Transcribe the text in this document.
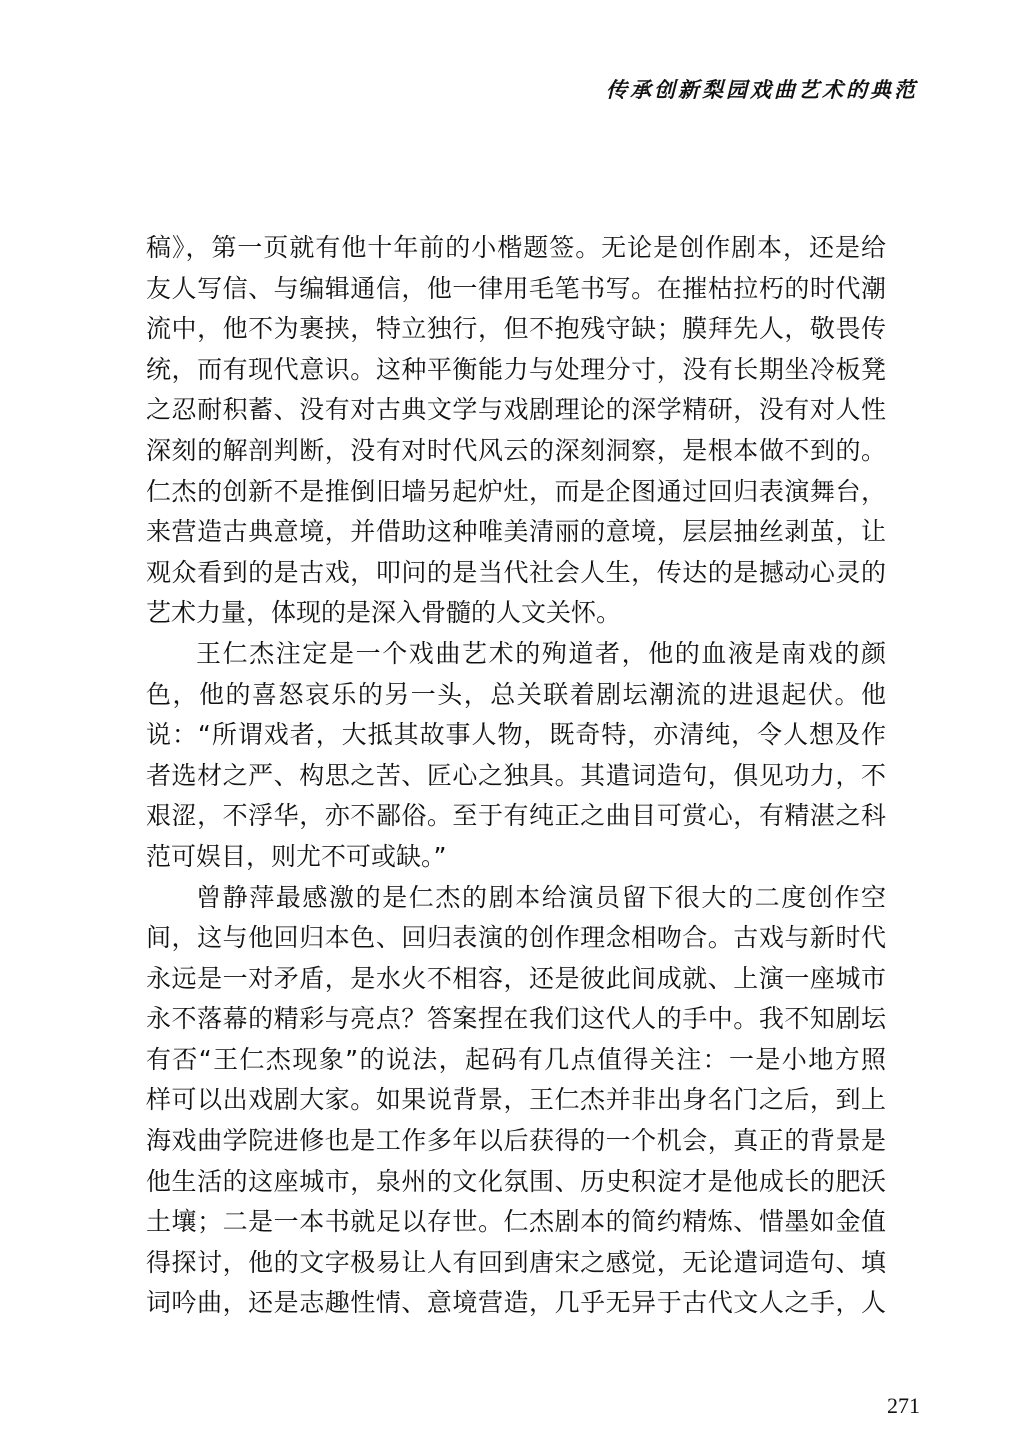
传承创新梨园戏曲艺术的典范
稿》，第一页就有他十年前的小楷题签。无论是创作剧本，还是给
友人写信、与编辑通信，他一律用毛笔书写。在摧枯拉朽的时代潮
流中，他不为裹挟，特立独行，但不抱残守缺；膜拜先人，敬畏传
统，而有现代意识。这种平衡能力与处理分寸，没有长期坐冷板凳
之忍耐积蓄、没有对古典文学与戏剧理论的深学精研，没有对人性
深刻的解剖判断，没有对时代风云的深刻洞察，是根本做不到的。
仁杰的创新不是推倒旧墙另起炉灶，而是企图通过回归表演舞台，
来营造古典意境，并借助这种唯美清丽的意境，层层抽丝剥茧，让
观众看到的是古戏，叩问的是当代社会人生，传达的是撼动心灵的
艺术力量，体现的是深入骨髓的人文关怀。
王仁杰注定是一个戏曲艺术的殉道者，他的血液是南戏的颜
色，他的喜怒哀乐的另一头，总关联着剧坛潮流的进退起伏。他
说：“所谓戏者，大抵其故事人物，既奇特，亦清纯，令人想及作
者选材之严、构思之苦、匠心之独具。其遣词造句，俱见功力，不
艰涩，不浮华，亦不鄙俗。至于有纯正之曲目可赏心，有精湛之科
范可娱目，则尤不可或缺。”
曾静萍最感激的是仁杰的剧本给演员留下很大的二度创作空
间，这与他回归本色、回归表演的创作理念相吻合。古戏与新时代
永远是一对矛盾，是水火不相容，还是彼此间成就、上演一座城市
永不落幕的精彩与亮点？答案捏在我们这代人的手中。我不知剧坛
有否“王仁杰现象”的说法，起码有几点值得关注：一是小地方照
样可以出戏剧大家。如果说背景，王仁杰并非出身名门之后，到上
海戏曲学院进修也是工作多年以后获得的一个机会，真正的背景是
他生活的这座城市，泉州的文化氛围、历史积淀才是他成长的肥沃
土壤；二是一本书就足以存世。仁杰剧本的简约精炼、惜墨如金值
得探讨，他的文字极易让人有回到唐宋之感觉，无论遣词造句、填
词吟曲，还是志趣性情、意境营造，几乎无异于古代文人之手，人
271
